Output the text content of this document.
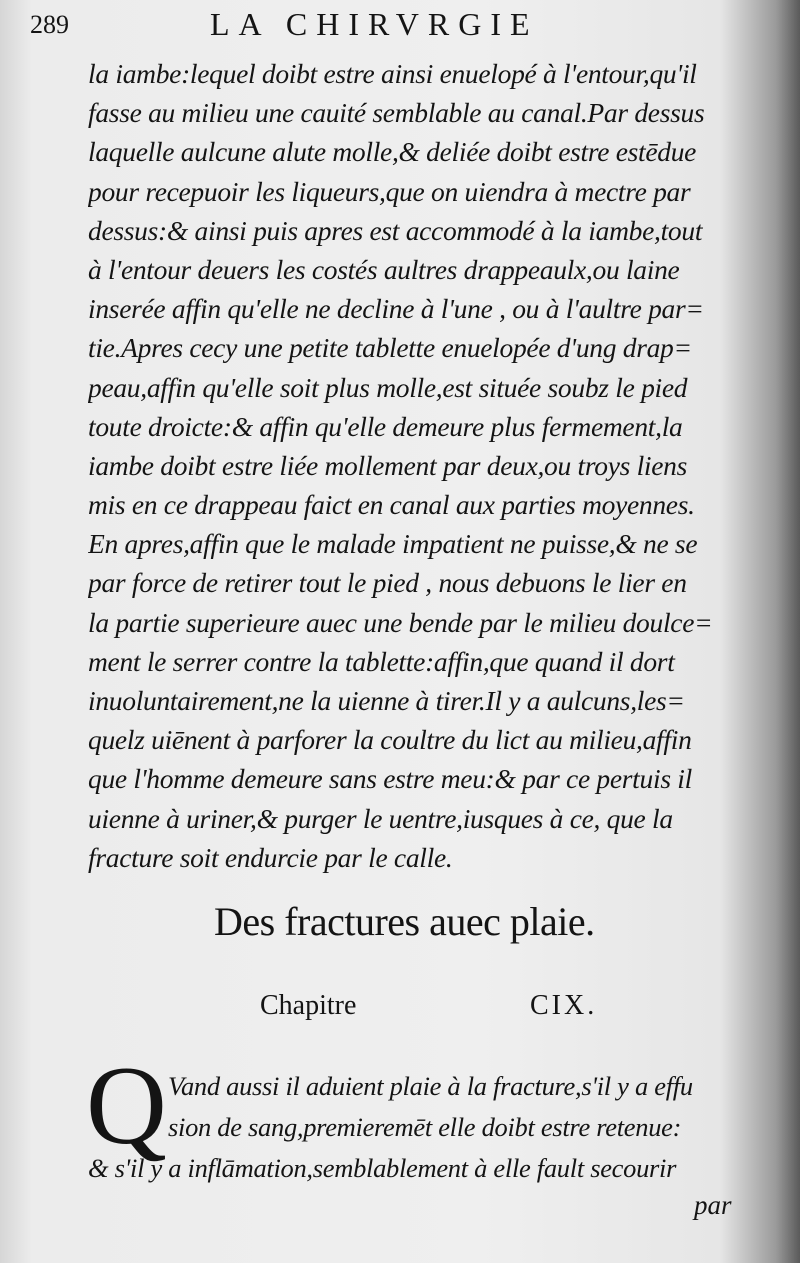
289	LA CHIRVRGIE
la iambe:lequel doibt estre ainsi enuelopé à l'entour,qu'il
fasse au milieu une cauité semblable au canal.Par dessus
laquelle aulcune alute molle,& deliée doibt estre estēdue
pour recepuoir les liqueurs,que on uiendra à mectre par
dessus:& ainsi puis apres est accommodé à la iambe,tout
à l'entour deuers les costés aultres drappeaulx,ou laine
inserée affin qu'elle ne decline à l'une , ou à l'aultre par=
tie.Apres cecy une petite tablette enuelopée d'ung drap=
peau,affin qu'elle soit plus molle,est située soubz le pied
toute droicte:& affin qu'elle demeure plus fermement,la
iambe doibt estre liée mollement par deux,ou troys liens
mis en ce drappeau faict en canal aux parties moyennes.
En apres,affin que le malade impatient ne puisse,& ne se
par force de retirer tout le pied , nous debuons le lier en
la partie superieure auec une bende par le milieu doulce=
ment le serrer contre la tablette:affin,que quand il dort
inuoluntairement,ne la uienne à tirer.Il y a aulcuns,les=
quelz uiēnent à parforer la coultre du lict au milieu,affin
que l'homme demeure sans estre meu:& par ce pertuis il
uienne à uriner,& purger le uentre,iusques à ce, que la
fracture soit endurcie par le calle.
Des fractures auec plaie.
Chapitre	CIX.
Q Vand aussi il aduient plaie à la fracture,s'il y a effu
sion de sang,premieremēt elle doibt estre retenue:
& s'il y a inflāmation,semblablement à elle fault secourir
par
